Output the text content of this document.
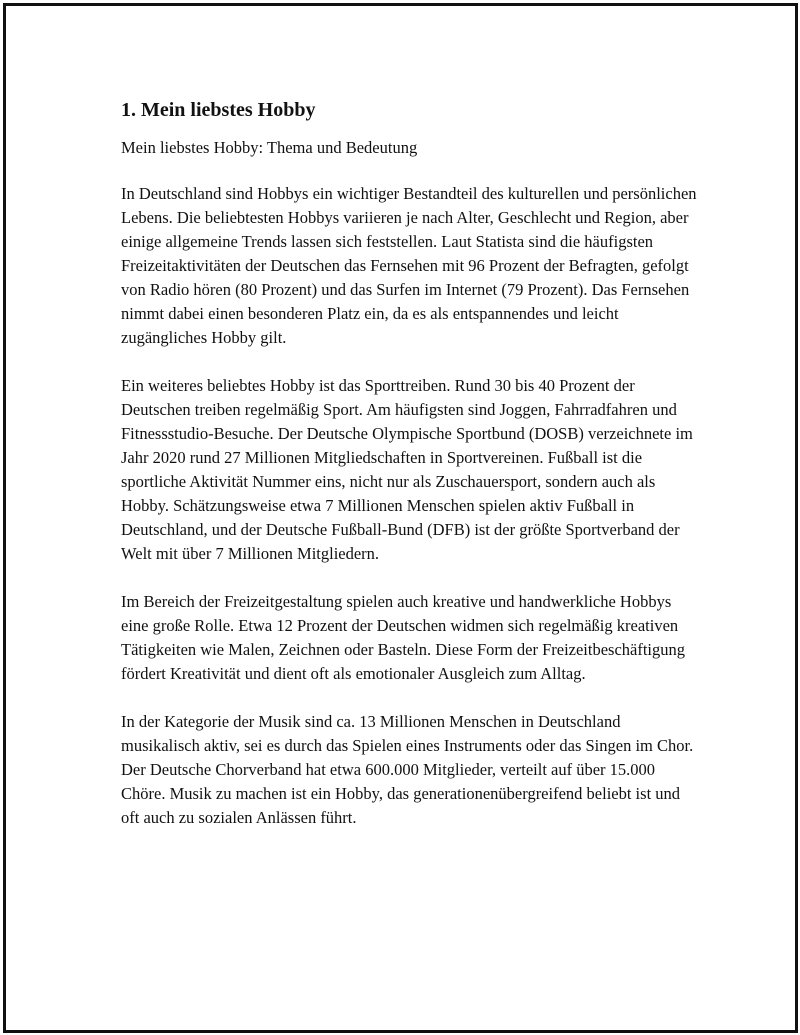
1. Mein liebstes Hobby

Mein liebstes Hobby: Thema und Bedeutung

In Deutschland sind Hobbys ein wichtiger Bestandteil des kulturellen und persönlichen Lebens. Die beliebtesten Hobbys variieren je nach Alter, Geschlecht und Region, aber einige allgemeine Trends lassen sich feststellen. Laut Statista sind die häufigsten Freizeitaktivitäten der Deutschen das Fernsehen mit 96 Prozent der Befragten, gefolgt von Radio hören (80 Prozent) und das Surfen im Internet (79 Prozent). Das Fernsehen nimmt dabei einen besonderen Platz ein, da es als entspannendes und leicht zugängliches Hobby gilt.

Ein weiteres beliebtes Hobby ist das Sporttreiben. Rund 30 bis 40 Prozent der Deutschen treiben regelmäßig Sport. Am häufigsten sind Joggen, Fahrradfahren und Fitnessstudio-Besuche. Der Deutsche Olympische Sportbund (DOSB) verzeichnete im Jahr 2020 rund 27 Millionen Mitgliedschaften in Sportvereinen. Fußball ist die sportliche Aktivität Nummer eins, nicht nur als Zuschauersport, sondern auch als Hobby. Schätzungsweise etwa 7 Millionen Menschen spielen aktiv Fußball in Deutschland, und der Deutsche Fußball-Bund (DFB) ist der größte Sportverband der Welt mit über 7 Millionen Mitgliedern.

Im Bereich der Freizeitgestaltung spielen auch kreative und handwerkliche Hobbys eine große Rolle. Etwa 12 Prozent der Deutschen widmen sich regelmäßig kreativen Tätigkeiten wie Malen, Zeichnen oder Basteln. Diese Form der Freizeitbeschäftigung fördert Kreativität und dient oft als emotionaler Ausgleich zum Alltag.

In der Kategorie der Musik sind ca. 13 Millionen Menschen in Deutschland musikalisch aktiv, sei es durch das Spielen eines Instruments oder das Singen im Chor. Der Deutsche Chorverband hat etwa 600.000 Mitglieder, verteilt auf über 15.000 Chöre. Musik zu machen ist ein Hobby, das generationenübergreifend beliebt ist und oft auch zu sozialen Anlässen führt.
